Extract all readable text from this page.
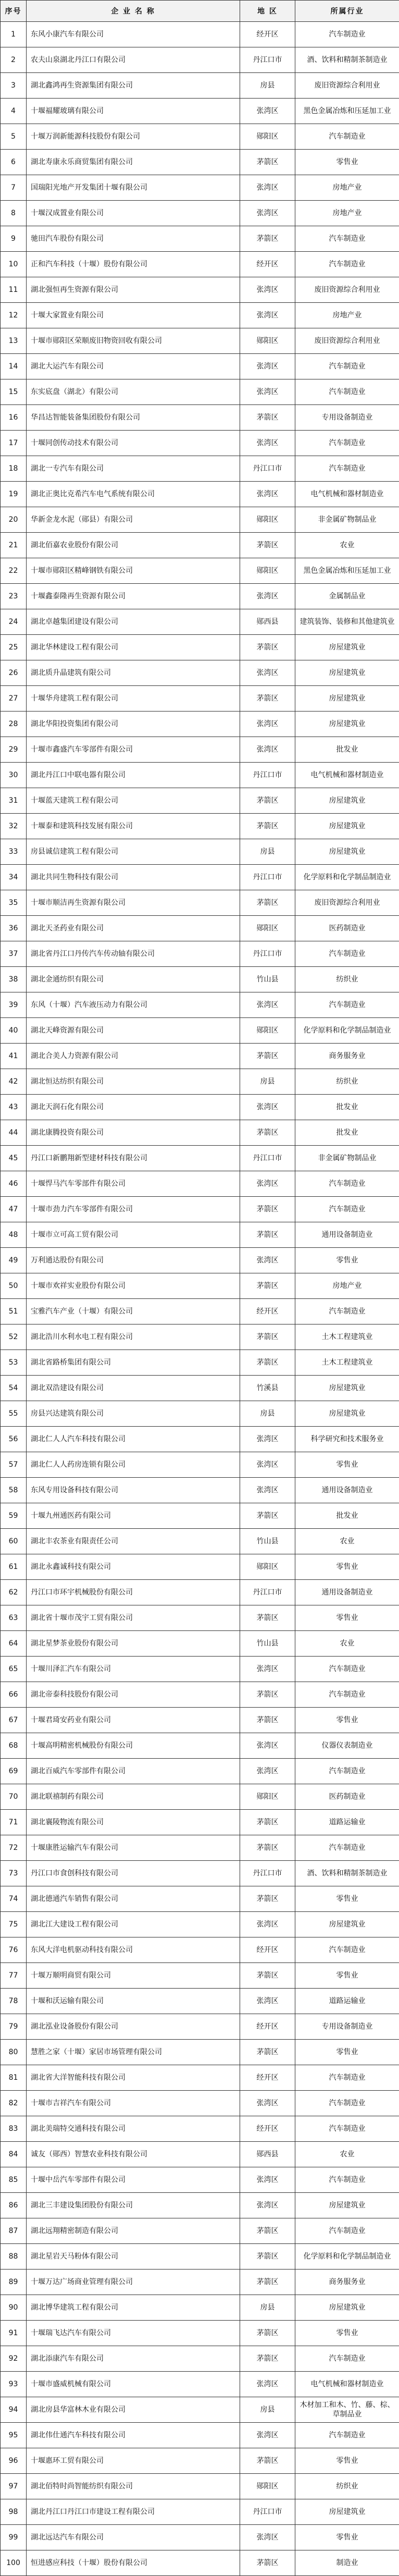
序号	企 业 名 称	地 区	所属行业
1	东风小康汽车有限公司	经开区	汽车制造业
2	农夫山泉湖北丹江口有限公司	丹江口市	酒、饮料和精制茶制造业
3	湖北鑫鸿再生资源集团有限公司	房县	废旧资源综合利用业
4	十堰福耀玻璃有限公司	张湾区	黑色金属冶炼和压延加工业
5	十堰万润新能源科技股份有限公司	郧阳区	汽车制造业
6	湖北寿康永乐商贸集团有限公司	茅箭区	零售业
7	国瑞阳光地产开发集团十堰有限公司	张湾区	房地产业
8	十堰汉成置业有限公司	张湾区	房地产业
9	驰田汽车股份有限公司	茅箭区	汽车制造业
10	正和汽车科技（十堰）股份有限公司	经开区	汽车制造业
11	湖北强恒再生资源有限公司	张湾区	废旧资源综合利用业
12	十堰大家置业有限公司	张湾区	房地产业
13	十堰市郧阳区荣顺废旧物资回收有限公司	郧阳区	废旧资源综合利用业
14	湖北大运汽车有限公司	张湾区	汽车制造业
15	东实底盘（湖北）有限公司	张湾区	汽车制造业
16	华昌达智能装备集团股份有限公司	茅箭区	专用设备制造业
17	十堰同创传动技术有限公司	张湾区	汽车制造业
18	湖北一专汽车有限公司	丹江口市	汽车制造业
19	湖北正奥比克希汽车电气系统有限公司	张湾区	电气机械和器材制造业
20	华新金龙水泥（郧县）有限公司	郧阳区	非金属矿物制品业
21	湖北佰嘉农业股份有限公司	茅箭区	农业
22	十堰市郧阳区精峰钢铁有限公司	郧阳区	黑色金属冶炼和压延加工业
23	十堰鑫泰隆再生资源有限公司	张湾区	金属制品业
24	湖北卓越集团建设有限公司	郧西县	建筑装饰、装修和其他建筑业
25	湖北华林建设工程有限公司	茅箭区	房屋建筑业
26	湖北质升晶建筑有限公司	张湾区	房屋建筑业
27	十堰华舟建筑工程有限公司	茅箭区	房屋建筑业
28	湖北华阳投资集团有限公司	张湾区	房屋建筑业
29	十堰市鑫盛汽车零部件有限公司	张湾区	批发业
30	湖北丹江口中联电器有限公司	丹江口市	电气机械和器材制造业
31	十堰蓝天建筑工程有限公司	茅箭区	房屋建筑业
32	十堰泰和建筑科技发展有限公司	茅箭区	房屋建筑业
33	房县诚信建筑工程有限公司	房县	房屋建筑业
34	湖北共同生物科技有限公司	丹江口市	化学原料和化学制品制造业
35	十堰市顺洁再生资源有限公司	茅箭区	废旧资源综合利用业
36	湖北天圣药业有限公司	郧阳区	医药制造业
37	湖北省丹江口丹传汽车传动轴有限公司	丹江口市	汽车制造业
38	湖北金通纺织有限公司	竹山县	纺织业
39	东风（十堰）汽车液压动力有限公司	张湾区	汽车制造业
40	湖北天峰资源有限公司	郧阳区	化学原料和化学制品制造业
41	湖北合美人力资源有限公司	茅箭区	商务服务业
42	湖北恒达纺织有限公司	房县	纺织业
43	湖北天润石化有限公司	张湾区	批发业
44	湖北康腾投资有限公司	茅箭区	批发业
45	丹江口新鹏翔新型建材科技有限公司	丹江口市	非金属矿物制品业
46	十堰悍马汽车零部件有限公司	张湾区	汽车制造业
47	十堰市劲力汽车零部件有限公司	茅箭区	汽车制造业
48	十堰市立可高工贸有限公司	茅箭区	通用设备制造业
49	万利通达股份有限公司	张湾区	零售业
50	十堰市欢祥实业股份有限公司	茅箭区	房地产业
51	宝雅汽车产业（十堰）有限公司	经开区	汽车制造业
52	湖北浩川水利水电工程有限公司	茅箭区	土木工程建筑业
53	湖北省路桥集团有限公司	茅箭区	土木工程建筑业
54	湖北双浩建设有限公司	竹溪县	房屋建筑业
55	房县兴达建筑有限公司	房县	房屋建筑业
56	湖北仁人人汽车科技有限公司	张湾区	科学研究和技术服务业
57	湖北仁人人药房连锁有限公司	张湾区	零售业
58	东风专用设备科技有限公司	张湾区	通用设备制造业
59	十堰九州通医药有限公司	茅箭区	批发业
60	湖北丰农茶业有限责任公司	竹山县	农业
61	湖北永鑫诚科技有限公司	郧阳区	零售业
62	丹江口市环宇机械股份有限公司	丹江口市	通用设备制造业
63	湖北省十堰市茂宇工贸有限公司	茅箭区	零售业
64	湖北星梦茶业股份有限公司	竹山县	农业
65	十堰川泽汇汽车有限公司	张湾区	汽车制造业
66	湖北帝泰科技股份有限公司	茅箭区	汽车制造业
67	十堰君琦安药业有限公司	茅箭区	零售业
68	十堰高明精密机械股份有限公司	张湾区	仪器仪表制造业
69	湖北百威汽车零部件有限公司	张湾区	汽车制造业
70	湖北联禧制药有限公司	郧阳区	医药制造业
71	湖北襄陵物流有限公司	茅箭区	道路运输业
72	十堰康胜运输汽车有限公司	茅箭区	汽车制造业
73	丹江口市食创科技有限公司	丹江口市	酒、饮料和精制茶制造业
74	湖北德通汽车销售有限公司	茅箭区	零售业
75	湖北江大建设工程有限公司	张湾区	房屋建筑业
76	东风大洋电机驱动科技有限公司	经开区	汽车制造业
77	十堰万顺明商贸有限公司	茅箭区	零售业
78	十堰和沃运输有限公司	张湾区	道路运输业
79	湖北泓业设备股份有限公司	经开区	专用设备制造业
80	慧胜之家（十堰）家居市场管理有限公司	茅箭区	零售业
81	湖北省大洋智能科技有限公司	经开区	汽车制造业
82	十堰市吉祥汽车有限公司	张湾区	汽车制造业
83	湖北美瑞特交通科技有限公司	经开区	汽车制造业
84	诚友（郧西）智慧农业科技有限公司	郧西县	农业
85	十堰中岳汽车零部件有限公司	张湾区	汽车制造业
86	湖北三丰建设集团股份有限公司	张湾区	房屋建筑业
87	湖北远翔精密制造有限公司	茅箭区	汽车制造业
88	湖北星岩天马粉体有限公司	茅箭区	化学原料和化学制品制造业
89	十堰万达广场商业管理有限公司	茅箭区	商务服务业
90	湖北博华建筑工程有限公司	房县	房屋建筑业
91	十堰瑞飞达汽车有限公司	茅箭区	零售业
92	湖北添康汽车有限公司	茅箭区	汽车制造业
93	十堰市盛威机械有限公司	张湾区	电气机械和器材制造业
94	湖北房县华富林木业有限公司	房县	木材加工和木、竹、藤、棕、草制品业
95	湖北伟仕通汽车科技有限公司	张湾区	汽车制造业
96	十堰惠环工贸有限公司	茅箭区	零售业
97	湖北佰特时尚智能纺织有限公司	郧阳区	纺织业
98	湖北丹江口丹江口市建设工程有限公司	丹江口市	房屋建筑业
99	湖北远达汽车有限公司	张湾区	零售业
100	恒进感应科技（十堰）股份有限公司	茅箭区	制造业
